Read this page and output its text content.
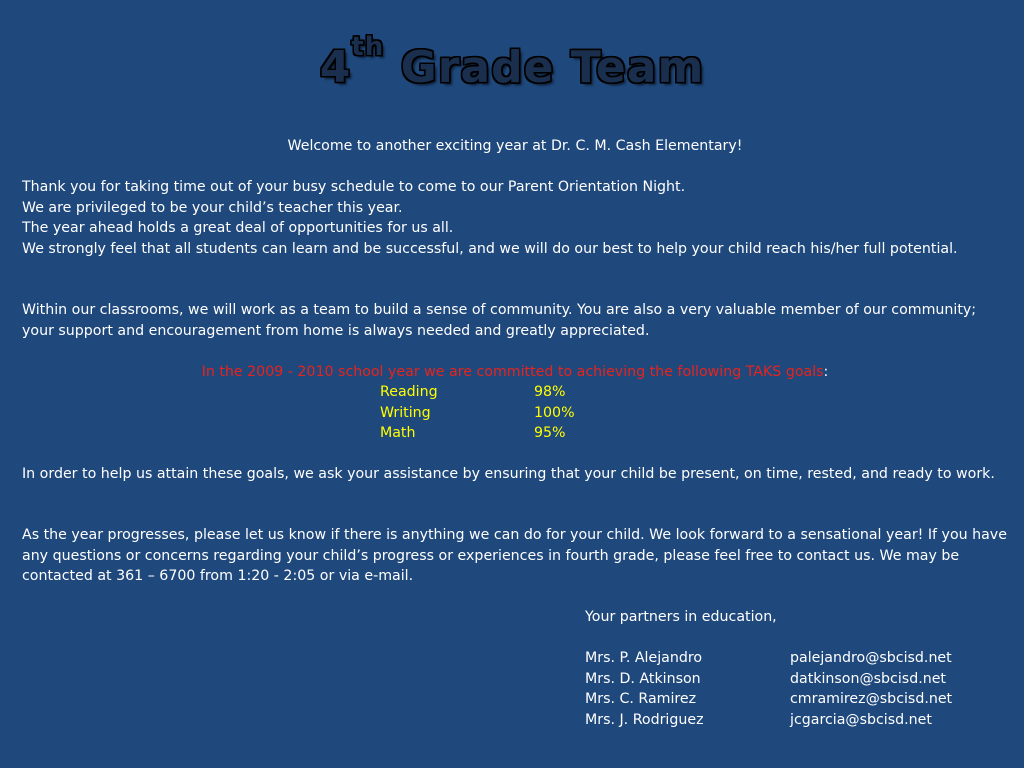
4th Grade Team
Welcome to another exciting year at Dr. C. M. Cash Elementary!

Thank you for taking time out of your busy schedule to come to our Parent Orientation Night.

We are privileged to be your child’s teacher this year.

The year ahead holds a great deal of opportunities for us all.

We strongly feel that all students can learn and be successful, and we will do our best to help your child reach his/her full potential.

Within our classrooms, we will work as a team to build a sense of community. You are also a very valuable member of our community; your support and encouragement from home is always needed and greatly appreciated.

In the 2009 - 2010 school year we are committed to achieving the following TAKS goals:
Reading	98%
Writing	100%
Math	95%

In order to help us attain these goals, we ask your assistance by ensuring that your child be present, on time, rested, and ready to work.

As the year progresses, please let us know if there is anything we can do for your child. We look forward to a sensational year! If you have any questions or concerns regarding your child’s progress or experiences in fourth grade, please feel free to contact us. We may be contacted at 361 – 6700 from 1:20 - 2:05 or via e-mail.

Your partners in education,
Mrs. P. Alejandro	palejandro@sbcisd.net
Mrs. D. Atkinson	datkinson@sbcisd.net
Mrs. C. Ramirez	cmramirez@sbcisd.net
Mrs. J. Rodriguez	jcgarcia@sbcisd.net
